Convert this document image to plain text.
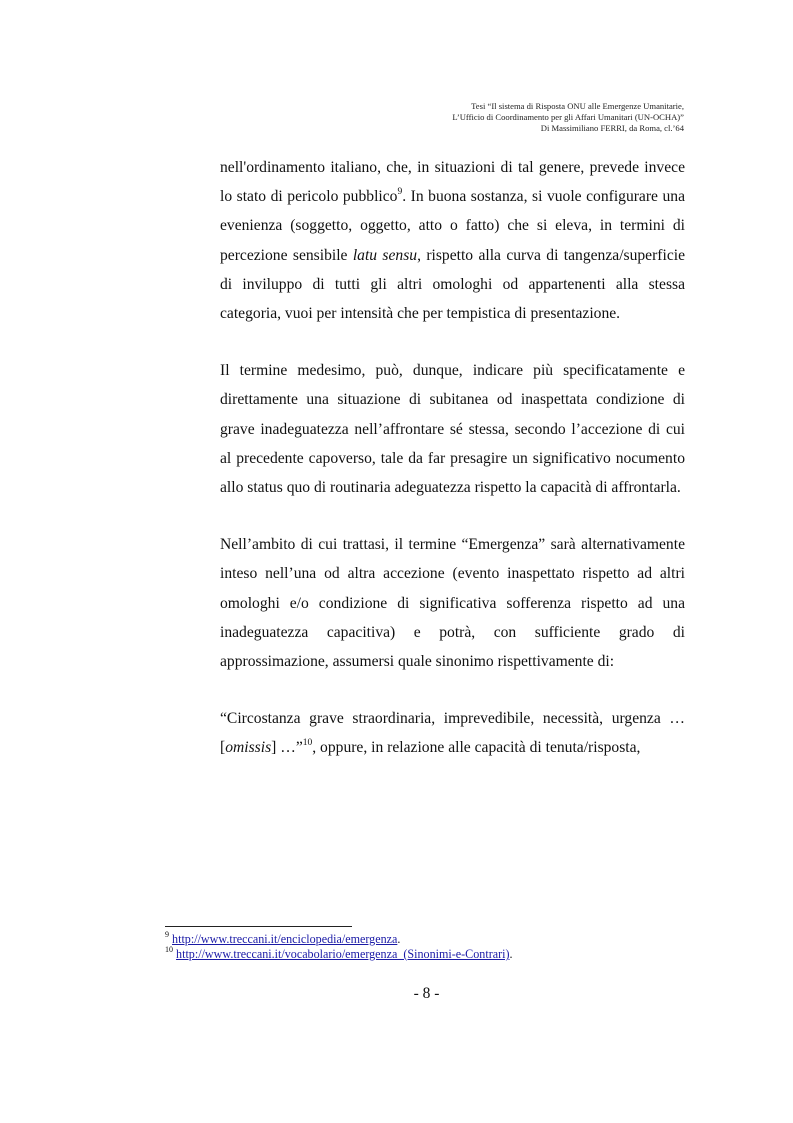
Tesi “Il sistema di Risposta ONU alle Emergenze Umanitarie,
L’Ufficio di Coordinamento per gli Affari Umanitari (UN-OCHA)”
Di Massimiliano FERRI, da Roma, cl.’64

nell'ordinamento italiano, che, in situazioni di tal genere, prevede invece lo stato di pericolo pubblico$^9$. In buona sostanza, si vuole configurare una evenienza (soggetto, oggetto, atto o fatto) che si eleva, in termini di percezione sensibile latu sensu, rispetto alla curva di tangenza/superficie di inviluppo di tutti gli altri omologhi od appartenenti alla stessa categoria, vuoi per intensità che per tempistica di presentazione.

Il termine medesimo, può, dunque, indicare più specificatamente e direttamente una situazione di subitanea od inaspettata condizione di grave inadeguatezza nell’affrontare sé stessa, secondo l’accezione di cui al precedente capoverso, tale da far presagire un significativo nocumento allo status quo di routinaria adeguatezza rispetto la capacità di affrontarla.

Nell’ambito di cui trattasi, il termine “Emergenza” sarà alternativamente inteso nell’una od altra accezione (evento inaspettato rispetto ad altri omologhi e/o condizione di significativa sofferenza rispetto ad una inadeguatezza capacitiva) e potrà, con sufficiente grado di approssimazione, assumersi quale sinonimo rispettivamente di:

“Circostanza grave straordinaria, imprevedibile, necessità, urgenza … [omissis] …”$^{10}$, oppure, in relazione alle capacità di tenuta/risposta,

$^9$ http://www.treccani.it/enciclopedia/emergenza.
$^{10}$ http://www.treccani.it/vocabolario/emergenza_(Sinonimi-e-Contrari).
- 8 -
